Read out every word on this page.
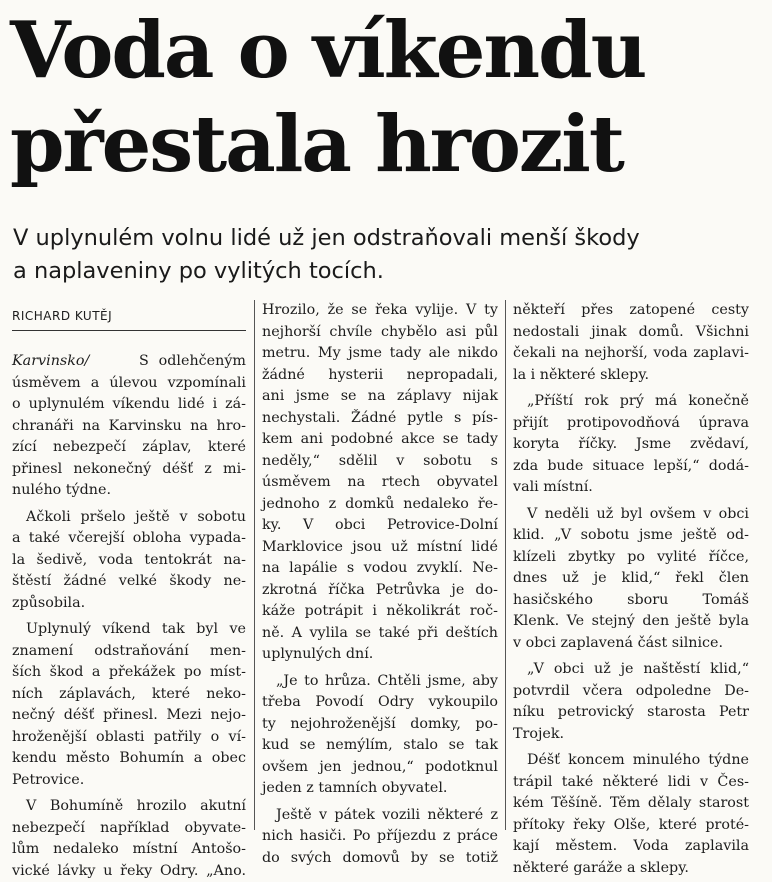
Voda o víkendu
přestala hrozit

V uplynulém volnu lidé už jen odstraňovali menší škody
a naplaveniny po vylitých tocích.

RICHARD KUTĚJ
Karvinsko/	S odlehčeným
úsměvem a úlevou vzpomínali
o uplynulém víkendu lidé i zá-
chranáři na Karvinsku na hro-
zící nebezpečí záplav, které
přinesl nekonečný déšť z mi-
nulého týdne.
Ačkoli pršelo ještě v sobotu
a také včerejší obloha vypada-
la šedivě, voda tentokrát na-
štěstí žádné velké škody ne-
způsobila.
Uplynulý víkend tak byl ve
znamení odstraňování men-
ších škod a překážek po míst-
ních záplavách, které neko-
nečný déšť přinesl. Mezi nejo-
hroženější oblasti patřily o ví-
kendu město Bohumín a obec
Petrovice.
V Bohumíně hrozilo akutní
nebezpečí například obyvate-
lům nedaleko místní Antošo-
vické lávky u řeky Odry. „Ano.
Hrozilo, že se řeka vylije. V ty
nejhorší chvíle chybělo asi půl
metru. My jsme tady ale nikdo
žádné hysterii nepropadali,
ani jsme se na záplavy nijak
nechystali. Žádné pytle s pís-
kem ani podobné akce se tady
neděly,“ sdělil v sobotu s
úsměvem na rtech obyvatel
jednoho z domků nedaleko ře-
ky. V obci Petrovice-Dolní
Marklovice jsou už místní lidé
na lapálie s vodou zvyklí. Ne-
zkrotná říčka Petrůvka je do-
káže potrápit i několikrát roč-
ně. A vylila se také při deštích
uplynulých dní.
„Je to hrůza. Chtěli jsme, aby
třeba Povodí Odry vykoupilo
ty nejohroženější domky, po-
kud se nemýlím, stalo se tak
ovšem jen jednou,“ podotknul
jeden z tamních obyvatel.
Ještě v pátek vozili některé z
nich hasiči. Po příjezdu z práce
do svých domovů by se totiž
někteří přes zatopené cesty
nedostali jinak domů. Všichni
čekali na nejhorší, voda zaplavi-
la i některé sklepy.
„Příští rok prý má konečně
přijít protipovodňová úprava
koryta říčky. Jsme zvědaví,
zda bude situace lepší,“ dodá-
vali místní.
V neděli už byl ovšem v obci
klid. „V sobotu jsme ještě od-
klízeli zbytky po vylité říčce,
dnes už je klid,“ řekl člen
hasičského sboru Tomáš
Klenk. Ve stejný den ještě byla
v obci zaplavená část silnice.
„V obci už je naštěstí klid,“
potvrdil včera odpoledne De-
níku petrovický starosta Petr
Trojek.
Déšť koncem minulého týdne
trápil také některé lidi v Čes-
kém Těšíně. Těm dělaly starost
přítoky řeky Olše, které proté-
kají městem. Voda zaplavila
některé garáže a sklepy.
